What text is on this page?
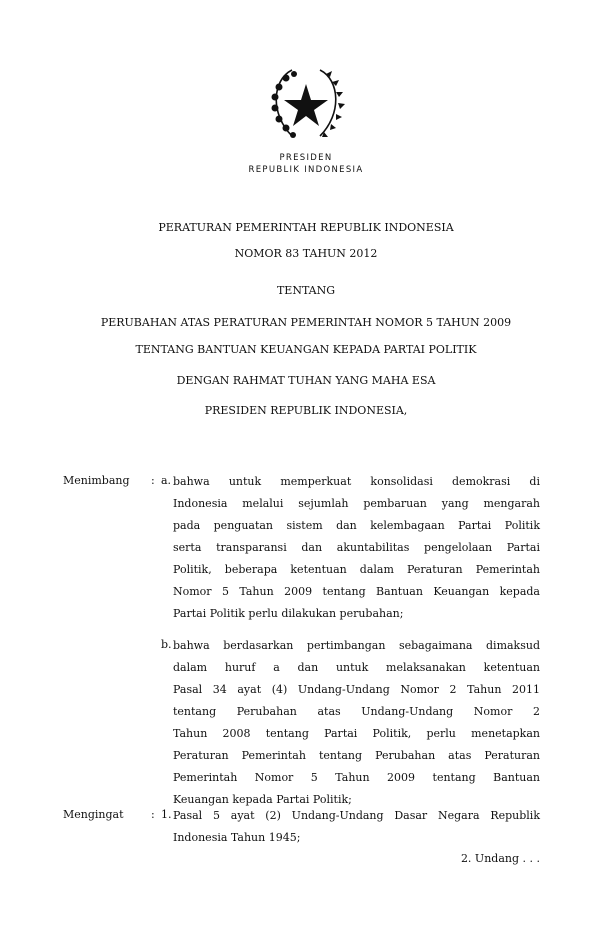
PRESIDEN
REPUBLIK INDONESIA
PERATURAN PEMERINTAH REPUBLIK INDONESIA
NOMOR 83 TAHUN 2012
TENTANG
PERUBAHAN ATAS PERATURAN PEMERINTAH NOMOR 5 TAHUN 2009
TENTANG BANTUAN KEUANGAN KEPADA PARTAI POLITIK
DENGAN RAHMAT TUHAN YANG MAHA ESA
PRESIDEN REPUBLIK INDONESIA,
Menimbang : a. bahwa untuk memperkuat konsolidasi demokrasi di
Indonesia melalui sejumlah pembaruan yang mengarah
pada penguatan sistem dan kelembagaan Partai Politik
serta transparansi dan akuntabilitas pengelolaan Partai
Politik, beberapa ketentuan dalam Peraturan Pemerintah
Nomor 5 Tahun 2009 tentang Bantuan Keuangan kepada
Partai Politik perlu dilakukan perubahan;
b. bahwa berdasarkan pertimbangan sebagaimana dimaksud
dalam huruf a dan untuk melaksanakan ketentuan
Pasal 34 ayat (4) Undang-Undang Nomor 2 Tahun 2011
tentang Perubahan atas Undang-Undang Nomor 2
Tahun 2008 tentang Partai Politik, perlu menetapkan
Peraturan Pemerintah tentang Perubahan atas Peraturan
Pemerintah Nomor 5 Tahun 2009 tentang Bantuan
Keuangan kepada Partai Politik;
Mengingat : 1. Pasal 5 ayat (2) Undang-Undang Dasar Negara Republik
Indonesia Tahun 1945;
2. Undang . . .
